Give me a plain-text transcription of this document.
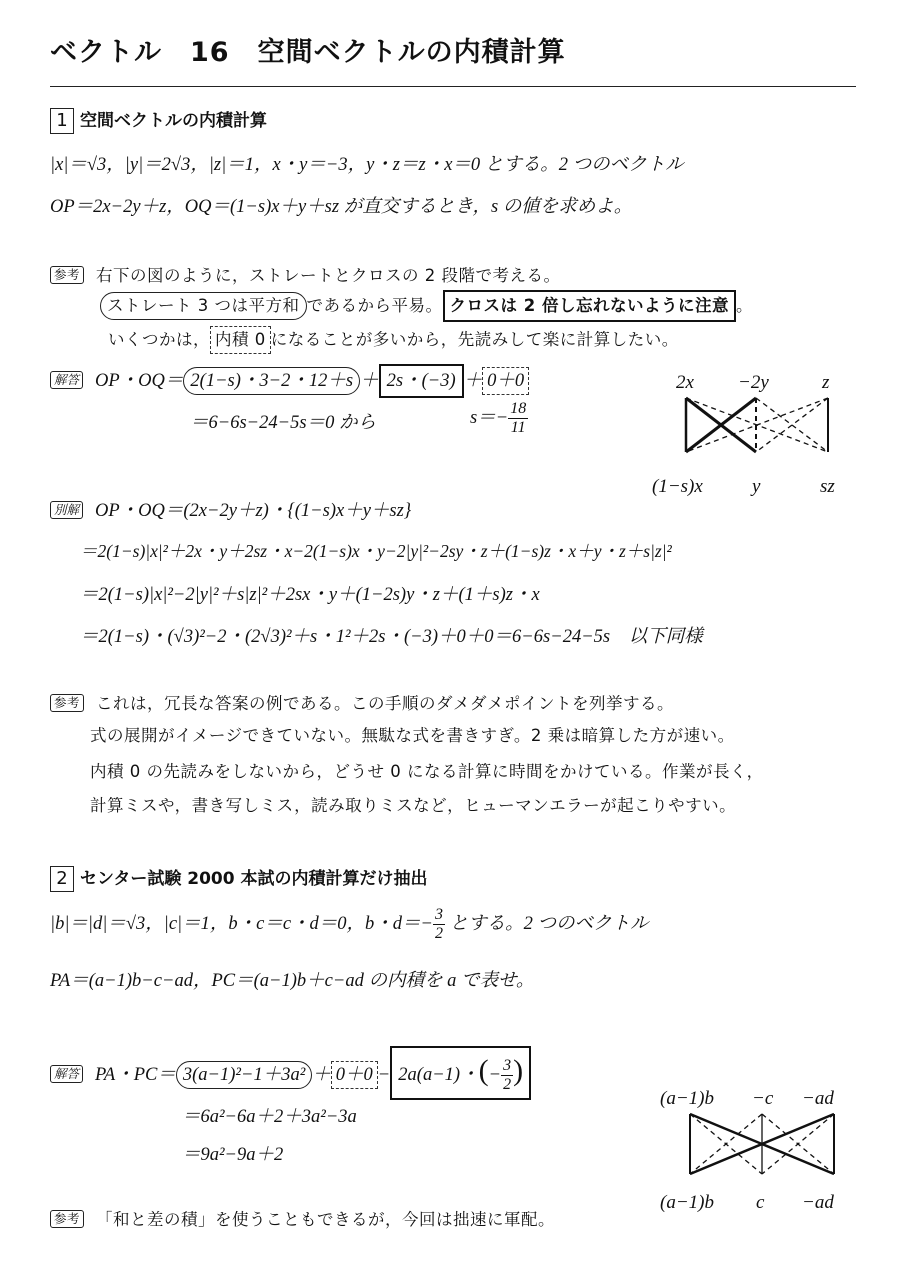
ベクトル　16　空間ベクトルの内積計算
1 空間ベクトルの内積計算
|x|＝√3，|y|＝2√3，|z|＝1，x・y＝−3，y・z＝z・x＝0 とする。2 つのベクトル
OP＝2x−2y＋z，OQ＝(1−s)x＋y＋sz が直交するとき，s の値を求めよ。
参考 右下の図のように，ストレートとクロスの 2 段階で考える。
ストレート 3 つは平方和 であるから平易。 クロスは 2 倍し忘れないように注意 。
いくつかは， 内積 0 になることが多いから，先読みして楽に計算したい。
解答 OP・OQ＝ 2(1−s)・3−2・12＋s ＋ 2s・(−3) ＋ 0＋0
＝6−6s−24−5s＝0 から	$s=- \frac{18}{11}$
2x −2y	z
(1−s)x	y	sz
別解 OP・OQ＝(2x−2y＋z)・{(1−s)x＋y＋sz}
＝2(1−s)|x|²＋2x・y＋2sz・x−2(1−s)x・y−2|y|²−2sy・z＋(1−s)z・x＋y・z＋s|z|²
＝2(1−s)|x|²−2|y|²＋s|z|²＋2sx・y＋(1−2s)y・z＋(1＋s)z・x
＝2(1−s)・(√3)²−2・(2√3)²＋s・1²＋2s・(−3)＋0＋0＝6−6s−24−5s　以下同様
参考 これは，冗長な答案の例である。この手順のダメダメポイントを列挙する。
式の展開がイメージできていない。無駄な式を書きすぎ。2 乗は暗算した方が速い。
内積 0 の先読みをしないから，どうせ 0 になる計算に時間をかけている。作業が長く，
計算ミスや，書き写しミス，読み取りミスなど，ヒューマンエラーが起こりやすい。
2 センター試験 2000 本試の内積計算だけ抽出
|b|＝|d|＝√3，|c|＝1，b・c＝c・d＝0，b・$d=- \frac{3}{2}$ とする。2 つのベクトル
PA＝(a−1)b−c−ad，PC＝(a−1)b＋c−ad の内積を a で表せ。
解答 PA・PC＝ 3(a−1)²−1＋3a² ＋ 0＋0 − 2a(a−1)・(− $\frac{3}{2}$ )
＝6a²−6a＋2＋3a²−3a
＝9a²−9a＋2
(a−1)b −c −ad
(a−1)b c −ad
参考 「和と差の積」を使うこともできるが，今回は拙速に軍配。
